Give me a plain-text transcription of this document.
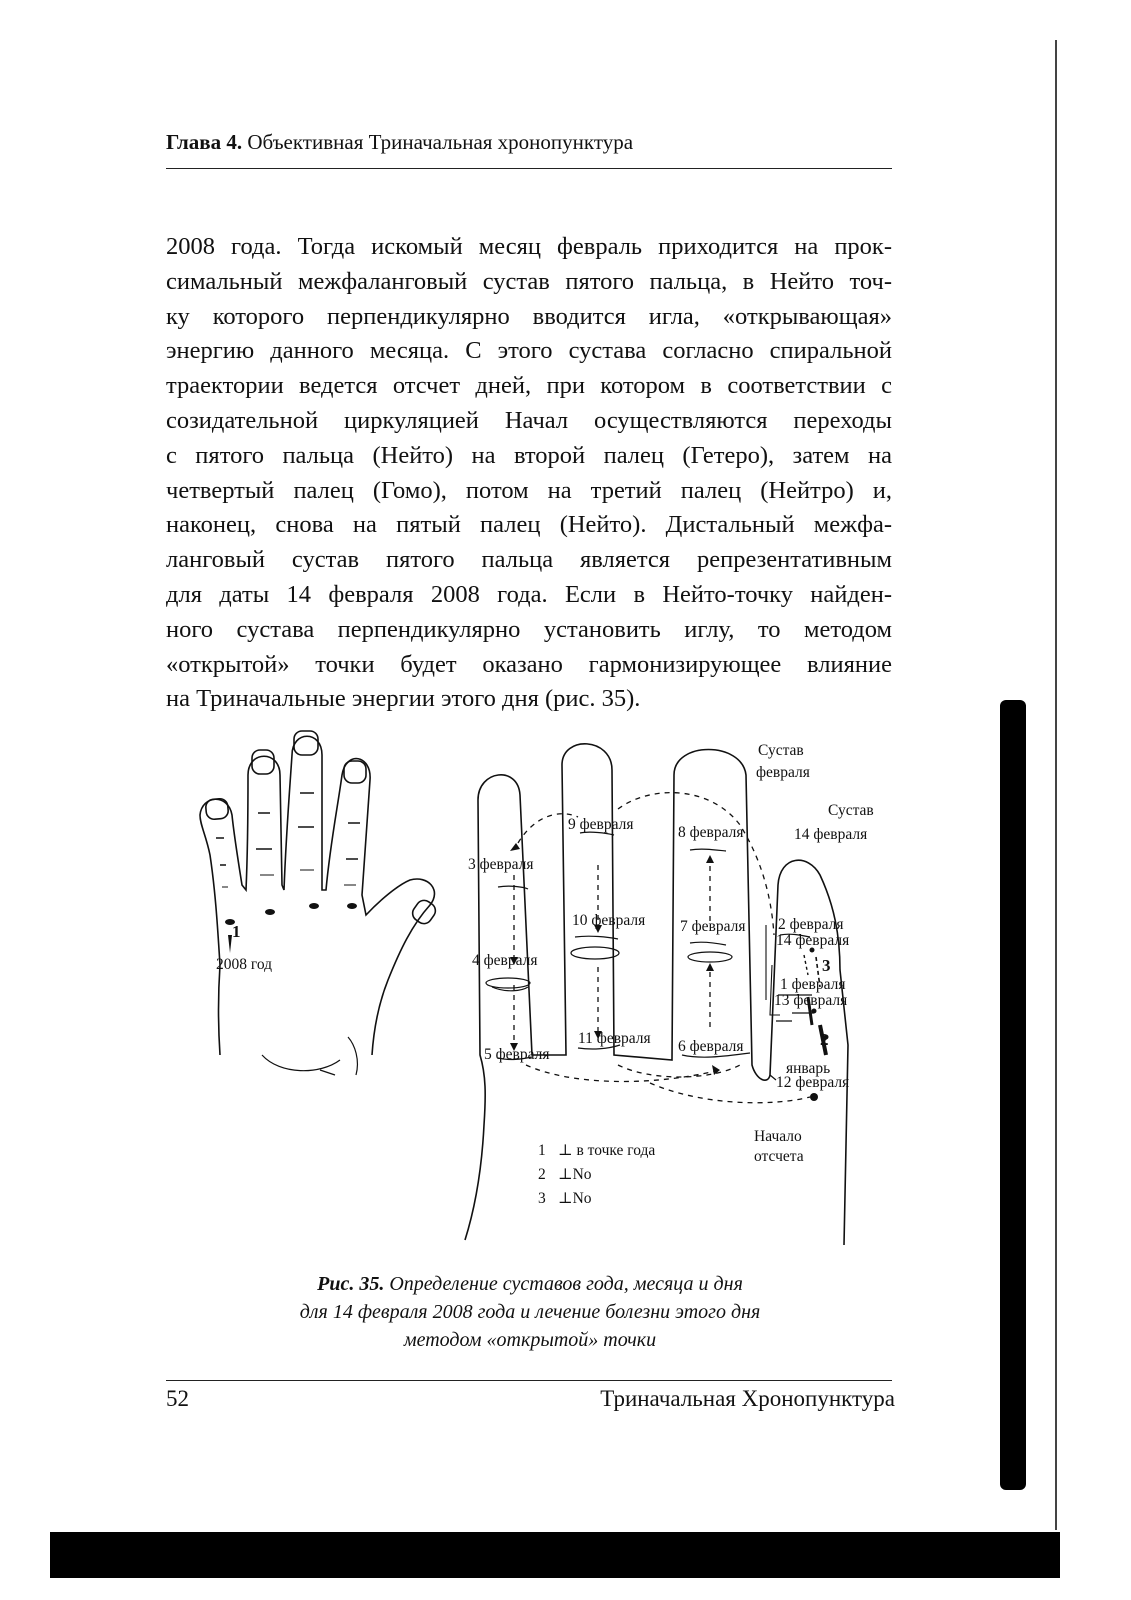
Глава 4. Объективная Триначальная хронопунктура
2008 года. Тогда искомый месяц февраль приходится на прок-
симальный межфаланговый сустав пятого пальца, в Нейто точ-
ку которого перпендикулярно вводится игла, «открывающая»
энергию данного месяца. С этого сустава согласно спиральной
траектории ведется отсчет дней, при котором в соответствии с
созидательной циркуляцией Начал осуществляются переходы
с пятого пальца (Нейто) на второй палец (Гетеро), затем на
четвертый палец (Гомо), потом на третий палец (Нейтро) и,
наконец, снова на пятый палец (Нейто). Дистальный межфа-
ланговый сустав пятого пальца является репрезентативным
для даты 14 февраля 2008 года. Если в Нейто-точку найден-
ного сустава перпендикулярно установить иглу, то методом
«открытой» точки будет оказано гармонизирующее влияние
на Триначальные энергии этого дня (рис. 35).
1
2008 год
Сустав
февраля
Сустав
14 февраля
3 февраля
4 февраля
5 февраля
9 февраля
10 февраля
11 февраля
8 февраля
7 февраля
6 февраля
2 февраля
14 февраля
3
1 февраля
13 февраля
2
январь
12 февраля
Начало
отсчета
1 ⊥ в точке года
2 ⊥No
3 ⊥No
Рис. 35. Определение суставов года, месяца и дня
для 14 февраля 2008 года и лечение болезни этого дня
методом «открытой» точки
52	Триначальная Хронопунктура
